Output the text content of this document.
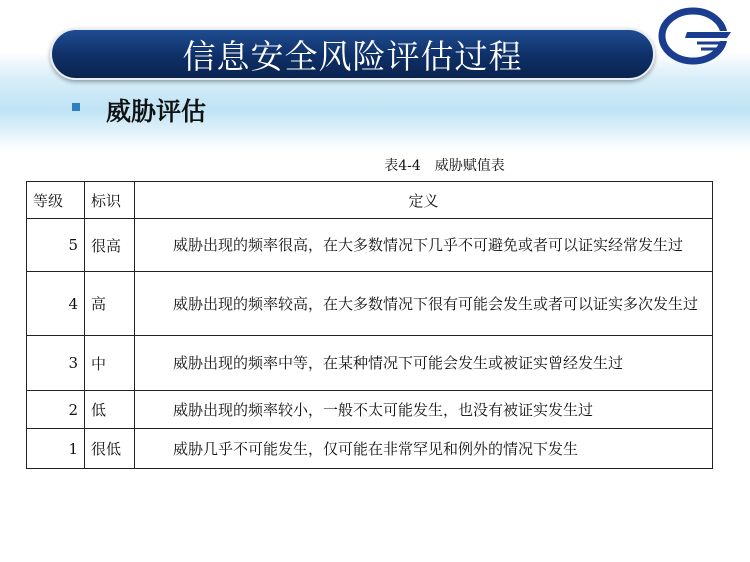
信息安全风险评估过程
威胁评估
表4-4　威胁赋值表
等级	标识	定义
5	很高	威胁出现的频率很高，在大多数情况下几乎不可避免或者可以证实经常发生过
4	高	威胁出现的频率较高，在大多数情况下很有可能会发生或者可以证实多次发生过
3	中	威胁出现的频率中等，在某种情况下可能会发生或被证实曾经发生过
2	低	威胁出现的频率较小，一般不太可能发生，也没有被证实发生过
1	很低	威胁几乎不可能发生，仅可能在非常罕见和例外的情况下发生
